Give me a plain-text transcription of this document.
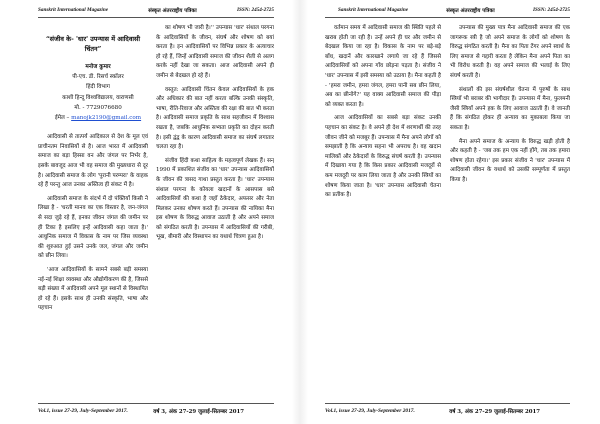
Sanskrit International Magazine	संस्कृत अंतरराष्ट्रीय पत्रिका	ISSN: 2454-2725
“संजीव के- 'धार' उपन्यास में आदिवासी चिंतन”
मनोज कुमार
पी-एच. डी. रिसर्च स्कॉलर
हिंदी विभाग
काशी हिन्दू विश्वविद्यालय, वाराणसी
मो. - 7729076680
ईमेल – manojk2190@gmail.com

आदिवासी से तात्पर्य आदिकाल से देश के मूल एवं प्राचीनतम निवासियों से है। आज भारत में आदिवासी समाज का बड़ा हिस्सा वन और जंगल पर निर्भर है, इसके बावजूद आज भी वह समाज की मुख्यधारा से दूर है। आदिवासी समाज के लोग 'पुरानी परम्परा' के वाहक रहे हैं परन्तु आज उनका अस्तित्व ही संकट में है।

आदिवासी समाज के संदर्भ में दो पंक्तियाँ किसी ने लिखा है - 'धरती मानव का एक विस्तार है, जन-जंगल से सदा जुड़े रहे हैं, इनका जीवन जंगल की जमीन पर ही टिका है इसलिए इन्हें आदिवासी कहा जाता है।' आधुनिक समाज में विकास के नाम पर जिस व्यवस्था की शुरुआत हुई उसने उनके जल, जंगल और जमीन को छीन लिया।

'आज आदिवासियों के सामने सबसे बड़ी समस्या नई-नई शिक्षा व्यवस्था और औद्योगीकरण की है, जिससे बड़ी संख्या में आदिवासी अपने मूल स्थानों से विस्थापित हो रहे हैं। इसके साथ ही उनकी संस्कृति, भाषा और पहचान

का शोषण भी जारी है।'' उपन्यास 'धार' संथाल परगना के आदिवासियों के जीवन, संघर्ष और शोषण को बयां करता है। इन आदिवासियों पर विभिन्न प्रकार के अत्याचार हो रहे हैं, जिन्हें आदिवासी समाज की जीवन शैली से अलग करके नहीं देखा जा सकता। आज आदिवासी अपने ही जमीन से बेदखल हो रहे हैं।

वस्तुत: आदिवासी चिंतन केवल आदिवासियों के हक और अधिकार की बात नहीं करता बल्कि उनकी संस्कृति, भाषा, रीति-रिवाज और अस्तित्व की रक्षा की बात भी करता है। आदिवासी समाज प्रकृति के साथ सहजीवन में विश्वास रखता है, जबकि आधुनिक सभ्यता प्रकृति का दोहन करती है। इसी द्वंद्व के कारण आदिवासी समाज का संघर्ष लगातार चलता रहा है।

संजीव हिंदी कथा साहित्य के महत्वपूर्ण लेखक हैं। सन् 1990 में प्रकाशित संजीव का 'धार' उपन्यास आदिवासियों के जीवन की त्रासद गाथा प्रस्तुत करता है। 'धार' उपन्यास संथाल परगना के कोयला खदानों के आसपास बसे आदिवासियों की कथा है जहाँ ठेकेदार, अफसर और नेता मिलकर उनका शोषण करते हैं। उपन्यास की नायिका मैना इस शोषण के विरुद्ध आवाज उठाती है और अपने समाज को संगठित करती है। उपन्यास में आदिवासियों की गरीबी, भूख, बीमारी और विस्थापन का यथार्थ चित्रण हुआ है।

Vol.1, issue 27-29, July-September 2017.	वर्ष 3, अंक 27-29 जुलाई-सितम्बर 2017
Sanskrit International Magazine	संस्कृत अंतरराष्ट्रीय पत्रिका	ISSN: 2454-2725

वर्तमान समय में आदिवासी समाज की स्थिति पहले से खराब होती जा रही है। उन्हें अपने ही घर और जमीन से बेदखल किया जा रहा है। विकास के नाम पर बड़े-बड़े बाँध, खदानें और कारखाने लगाये जा रहे हैं जिससे आदिवासियों को अपना गाँव छोड़ना पड़ता है। संजीव ने 'धार' उपन्यास में इसी समस्या को उठाया है। मैना कहती है - 'हमरा जमीन, हमरा जंगल, हमरा पानी सब छीन लिया, अब का छीनोगे?' यह वाक्य आदिवासी समाज की पीड़ा को व्यक्त करता है।

आज आदिवासियों का सबसे बड़ा संकट उनकी पहचान का संकट है। वे अपने ही देश में शरणार्थी की तरह जीवन जीने को मजबूर हैं। उपन्यास में मैना अपने लोगों को समझाती है कि अन्याय सहना भी अपराध है। वह खदान मालिकों और ठेकेदारों के विरुद्ध संघर्ष करती है। उपन्यास में दिखाया गया है कि किस प्रकार आदिवासी मजदूरों से कम मजदूरी पर काम लिया जाता है और उनकी स्त्रियों का शोषण किया जाता है। 'धार' उपन्यास आदिवासी चेतना का प्रतीक है।

उपन्यास की मुख्य पात्र मैना आदिवासी समाज की एक जागरूक स्त्री है जो अपने समाज के लोगों को शोषण के विरुद्ध संगठित करती है। मैना का पिता टेंगर अपने स्वार्थ के लिए समाज से गद्दारी करता है लेकिन मैना अपने पिता का भी विरोध करती है। वह अपने समाज की भलाई के लिए संघर्ष करती है।

संथालों की इस संघर्षशील चेतना में पुरुषों के साथ स्त्रियाँ भी बराबर की भागीदार हैं। उपन्यास में मैना, फुलमनी जैसी स्त्रियाँ अपने हक के लिए आवाज उठाती हैं। वे जानती हैं कि संगठित होकर ही अन्याय का मुकाबला किया जा सकता है।

मैना अपने समाज के अन्याय के विरुद्ध खड़ी होती है और कहती है - 'जब तक हम एक नहीं होंगे, तब तक हमारा शोषण होता रहेगा।' इस प्रकार संजीव ने 'धार' उपन्यास में आदिवासी जीवन के यथार्थ को उसकी सम्पूर्णता में प्रस्तुत किया है।

Vol.1, issue 27-29, July-September 2017.	वर्ष 3, अंक 27-29 जुलाई-सितम्बर 2017
